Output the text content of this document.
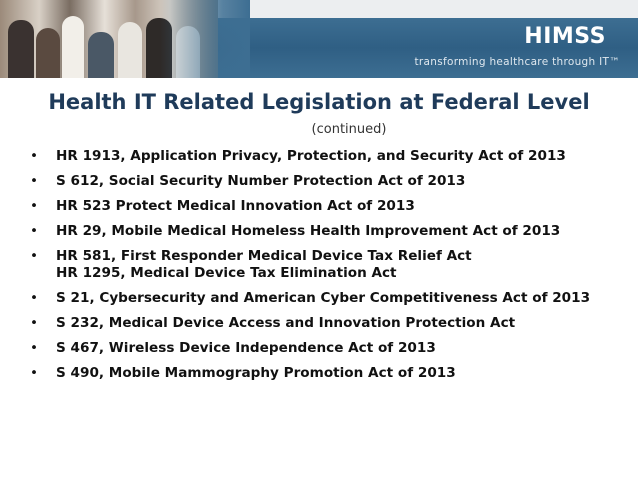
HIMSS
transforming healthcare through IT™
Health IT Related Legislation at Federal Level
(continued)
• HR 1913, Application Privacy, Protection, and Security Act of 2013
• S 612, Social Security Number Protection Act of 2013
• HR 523 Protect Medical Innovation Act of 2013
• HR 29, Mobile Medical Homeless Health Improvement Act of 2013
• HR 581, First Responder Medical Device Tax Relief Act
HR 1295, Medical Device Tax Elimination Act
• S 21, Cybersecurity and American Cyber Competitiveness Act of 2013
• S 232, Medical Device Access and Innovation Protection Act
• S 467, Wireless Device Independence Act of 2013
• S 490, Mobile Mammography Promotion Act of 2013
